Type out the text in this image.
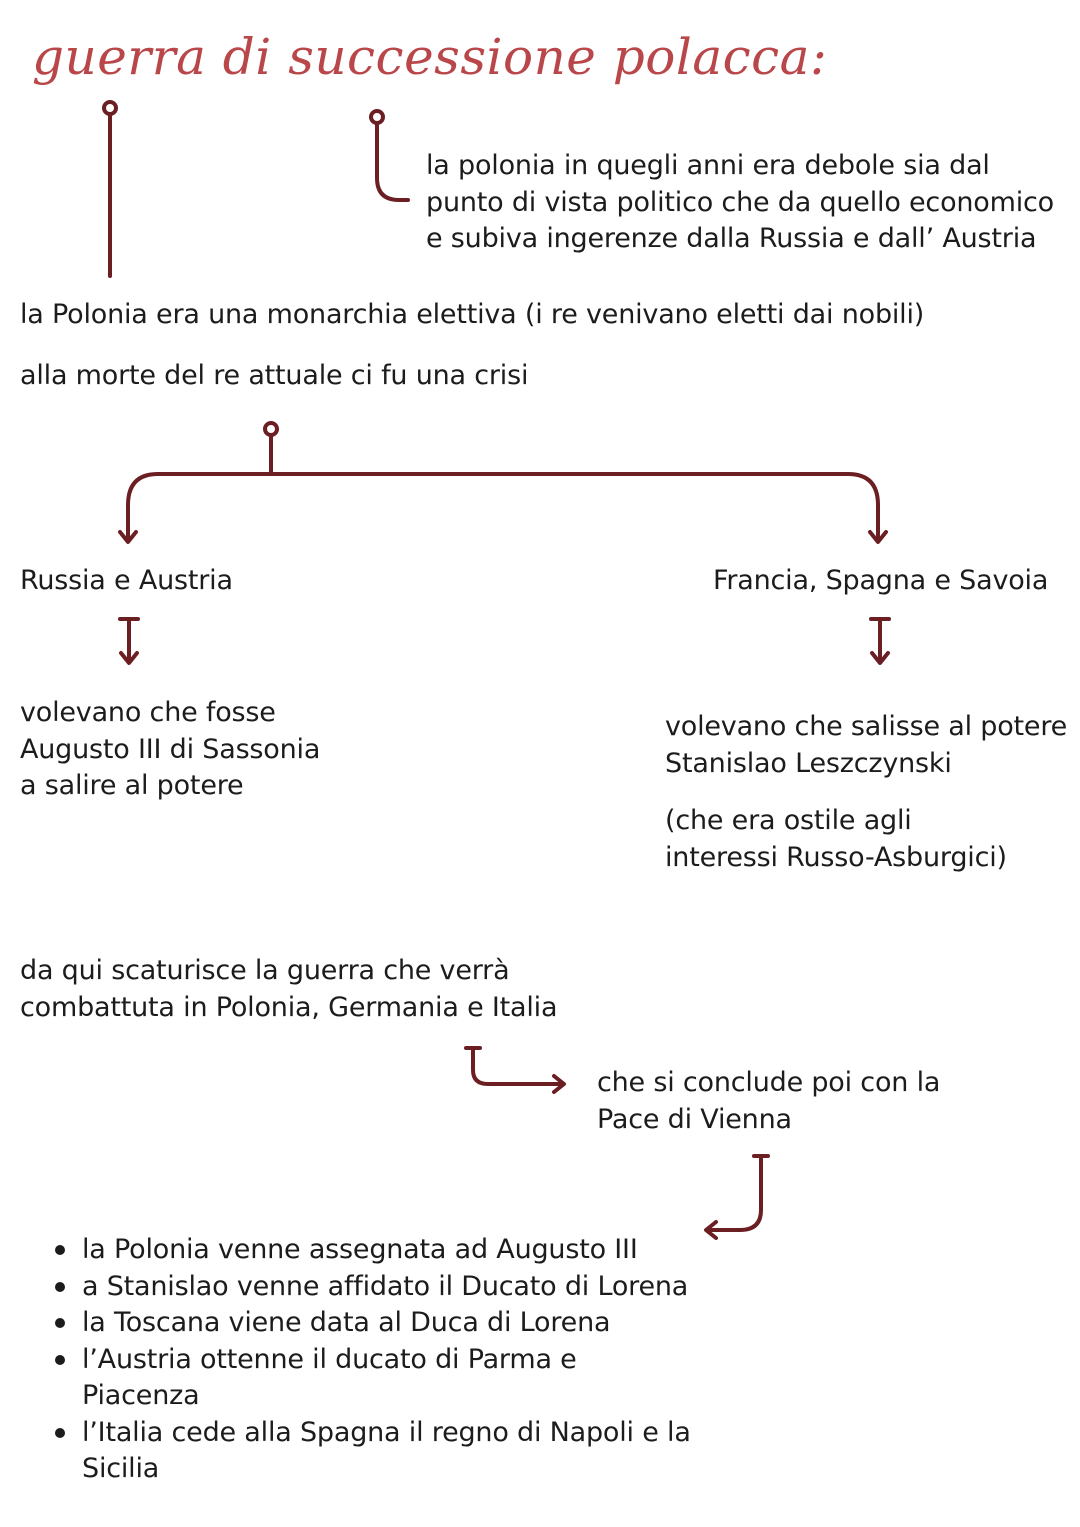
guerra di successione polacca:
la polonia in quegli anni era debole sia dal
punto di vista politico che da quello economico
e subiva ingerenze dalla Russia e dall’ Austria
la Polonia era una monarchia elettiva (i re venivano eletti dai nobili)
alla morte del re attuale ci fu una crisi
Russia e Austria	Francia, Spagna e Savoia
volevano che fosse
Augusto III di Sassonia
a salire al potere
volevano che salisse al potere
Stanislao Leszczynski
(che era ostile agli
interessi Russo-Asburgici)
da qui scaturisce la guerra che verrà
combattuta in Polonia, Germania e Italia
che si conclude poi con la
Pace di Vienna
la Polonia venne assegnata ad Augusto III
a Stanislao venne affidato il Ducato di Lorena
la Toscana viene data al Duca di Lorena
l’Austria ottenne il ducato di Parma e
Piacenza
l’Italia cede alla Spagna il regno di Napoli e la
Sicilia
